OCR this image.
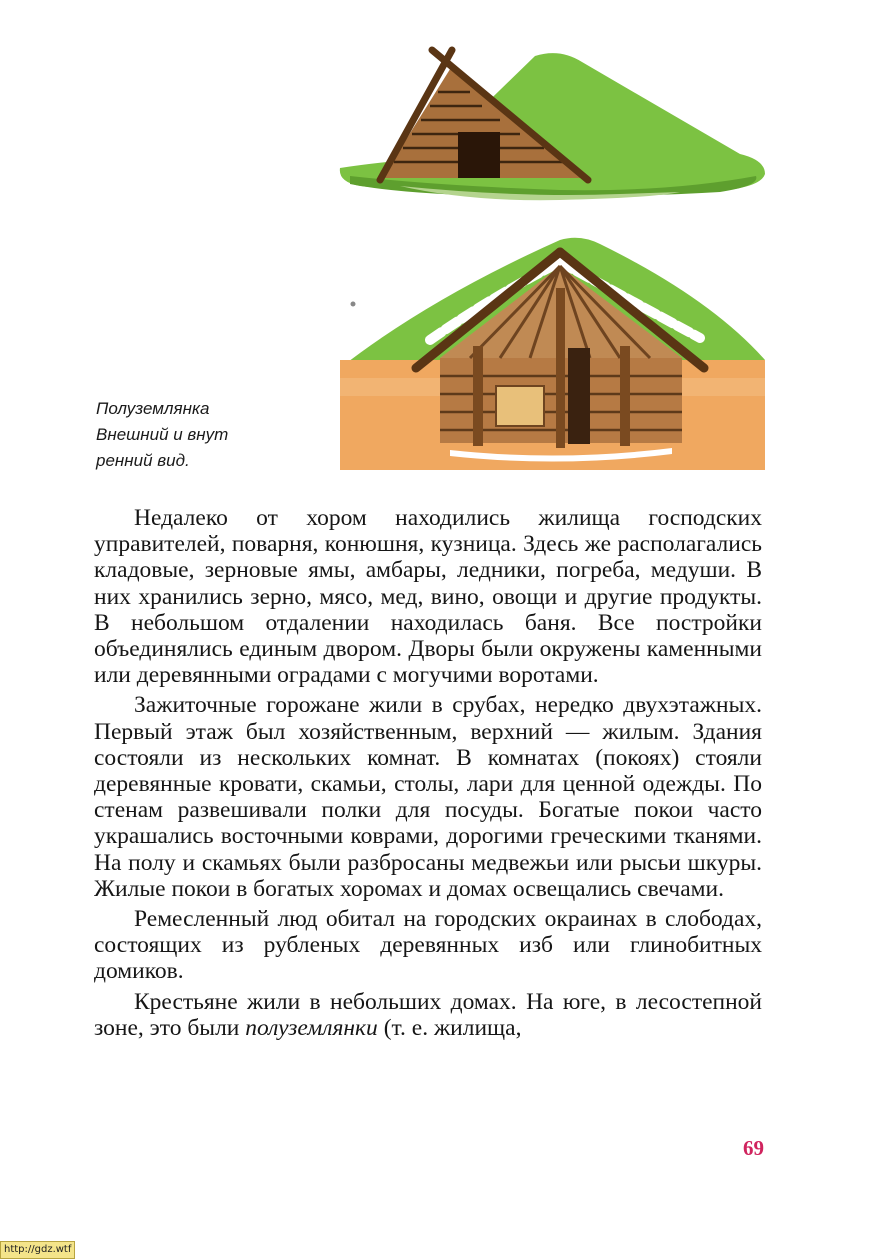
Полуземлянка
Внешний и внут
ренний вид.

Недалеко от хором находились жилища господских управителей, поварня, конюшня, кузница. Здесь же располагались кладовые, зерновые ямы, амбары, ледники, погреба, медуши. В них хранились зерно, мясо, мед, вино, овощи и другие продукты. В небольшом отдалении находилась баня. Все постройки объединялись единым двором. Дворы были окружены каменными или деревянными оградами с могучими воротами.

Зажиточные горожане жили в срубах, нередко двухэтажных. Первый этаж был хозяйственным, верхний — жилым. Здания состояли из нескольких комнат. В комнатах (покоях) стояли деревянные кровати, скамьи, столы, лари для ценной одежды. По стенам развешивали полки для посуды. Богатые покои часто украшались восточными коврами, дорогими греческими тканями. На полу и скамьях были разбросаны медвежьи или рысьи шкуры. Жилые покои в богатых хоромах и домах освещались свечами.

Ремесленный люд обитал на городских окраинах в слободах, состоящих из рубленых деревянных изб или глинобитных домиков.

Крестьяне жили в небольших домах. На юге, в лесостепной зоне, это были полуземлянки (т. е. жилища,

69
http://gdz.wtf
